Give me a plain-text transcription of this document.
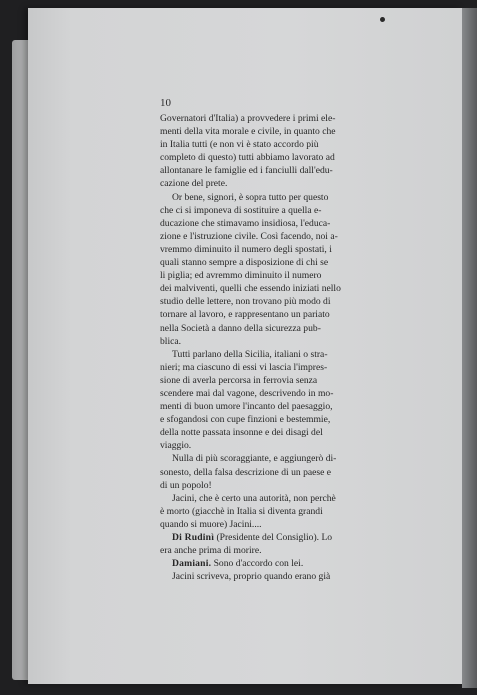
10
Governatori d'Italia) a provvedere i primi ele-
menti della vita morale e civile, in quanto che
in Italia tutti (e non vi è stato accordo più
completo di questo) tutti abbiamo lavorato ad
allontanare le famiglie ed i fanciulli dall'edu-
cazione del prete.
Or bene, signori, è sopra tutto per questo
che ci si imponeva di sostituire a quella e-
ducazione che stimavamo insidiosa, l'educa-
zione e l'istruzione civile. Così facendo, noi a-
vremmo diminuito il numero degli spostati, i
quali stanno sempre a disposizione di chi se
li piglia; ed avremmo diminuito il numero
dei malviventi, quelli che essendo iniziati nello
studio delle lettere, non trovano più modo di
tornare al lavoro, e rappresentano un pariato
nella Società a danno della sicurezza pub-
blica.
Tutti parlano della Sicilia, italiani o stra-
nieri; ma ciascuno di essi vi lascia l'impres-
sione di averla percorsa in ferrovia senza
scendere mai dal vagone, descrivendo in mo-
menti di buon umore l'incanto del paesaggio,
e sfogandosi con cupe finzioni e bestemmie,
della notte passata insonne e dei disagi del
viaggio.
Nulla di più scoraggiante, e aggiungerò di-
sonesto, della falsa descrizione di un paese e
di un popolo!
Jacini, che è certo una autorità, non perchè
è morto (giacchè in Italia si diventa grandi
quando si muore) Jacini....
Di Rudinì (Presidente del Consiglio). Lo
era anche prima di morire.
Damiani. Sono d'accordo con lei.
Jacini scriveva, proprio quando erano già
